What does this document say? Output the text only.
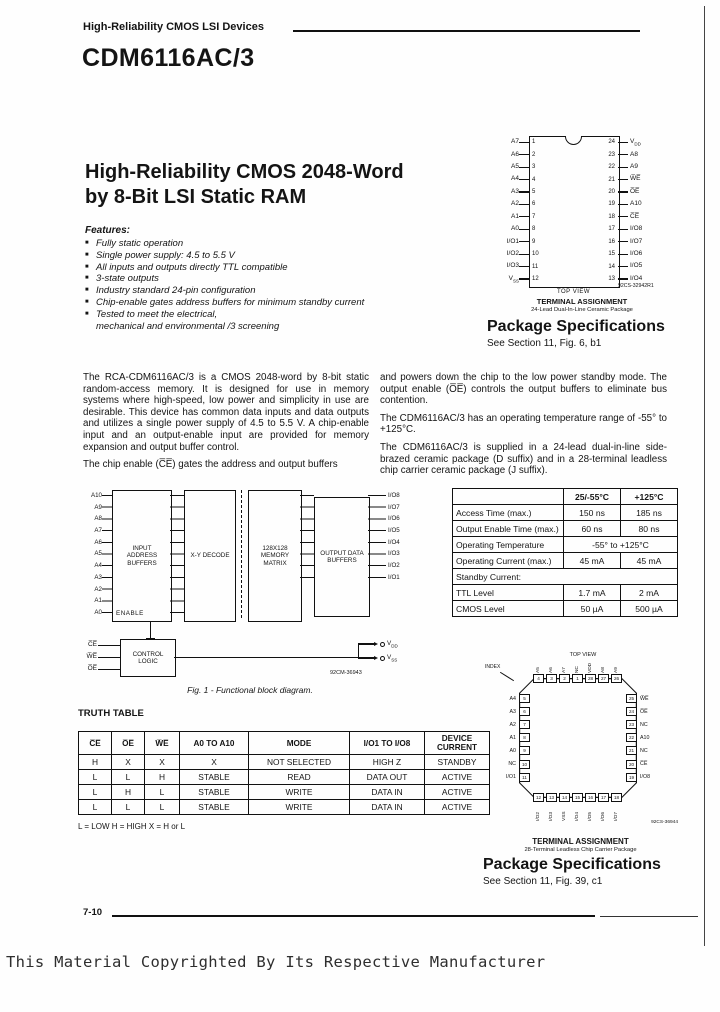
High-Reliability CMOS LSI Devices
CDM6116AC/3
High-Reliability CMOS 2048-Word
by 8-Bit LSI Static RAM
Features:
■ Fully static operation
■ Single power supply: 4.5 to 5.5 V
■ All inputs and outputs directly TTL compatible
■ 3-state outputs
■ Industry standard 24-pin configuration
■ Chip-enable gates address buffers for minimum standby current
■ Tested to meet the electrical,
mechanical and environmental /3 screening

The RCA-CDM6116AC/3 is a CMOS 2048-word by 8-bit static random-access memory. It is designed for use in memory systems where high-speed, low power and simplicity in use are desirable. This device has common data inputs and data outputs and utilizes a single power supply of 4.5 to 5.5 V. A chip-enable input and an output-enable input are provided for memory expansion and output buffer control.

The chip enable (C̅E̅) gates the address and output buffers

and powers down the chip to the low power standby mode. The output enable (O̅E̅) controls the output buffers to eliminate bus contention.

The CDM6116AC/3 has an operating temperature range of -55° to +125°C.

The CDM6116AC/3 is supplied in a 24-lead dual-in-line side-brazed ceramic package (D suffix) and in a 28-terminal leadless chip carrier ceramic package (J suffix).

A7	1
A6	2
A5	3
A4	4
A3	5
A2	6
A1	7
A0	8
I/O1	9
I/O2	10
I/O3	11
$V_{SS}$	12
24	$V_{DD}$
23	A8
22	A9
21	W̅E̅
20	O̅E̅
19	A10
18	C̅E̅
17	I/O8
16	I/O7
15	I/O6
14	I/O5
13	I/O4
TOP VIEW
92CS-32942R1
TERMINAL ASSIGNMENT
24-Lead Dual-In-Line Ceramic Package
Package Specifications
See Section 11, Fig. 6, b1
A10
A9
A8
A7
A6
A5
A4
A3
A2
A1
A0
INPUT ADDRESS BUFFERS
ENABLE
X-Y DECODE
128X128 MEMORY MATRIX
OUTPUT DATA BUFFERS
I/O8
I/O7
I/O6
I/O5
I/O4
I/O3
I/O2
I/O1
C̅E̅
W̅E̅
O̅E̅
CONTROL LOGIC
$V_{DD}$
$V_{SS}$
92CM-36943
Fig. 1 - Functional block diagram.
	25/-55°C	+125°C
Access Time (max.)	150 ns	185 ns
Output Enable Time (max.)	60 ns	80 ns
Operating Temperature	-55° to +125°C	
Operating Current (max.)	45 mA	45 mA
Standby Current:		
TTL Level	1.7 mA	2 mA
CMOS Level	50 µA	500 µA
TRUTH TABLE
C̅E̅	O̅E̅	W̅E̅	A0 TO A10	MODE	I/O1 TO I/O8	DEVICE CURRENT
H	X	X	X	NOT SELECTED	HIGH Z	STANDBY
L	L	H	STABLE	READ	DATA OUT	ACTIVE
L	H	L	STABLE	WRITE	DATA IN	ACTIVE
L	L	L	STABLE	WRITE	DATA IN	ACTIVE
L = LOW H = HIGH X = H or L
TOP VIEW
INDEX
A5
4
A6
3
A7
2
NC
1
VDD
28
A8
27
A9
26
12
I/O2
13
I/O3
14
VSS
15
I/O4
16
I/O5
17
I/O6
18
I/O7
A4	5
A3	6
A2	7
A1	8
A0	9
NC	10
I/O1	11
25	W̅E̅
24	O̅E̅
23	NC
22	A10
21	NC
20	C̅E̅
19	I/O8
92CS-36944
TERMINAL ASSIGNMENT
28-Terminal Leadless Chip Carrier Package
Package Specifications
See Section 11, Fig. 39, c1
7-10
This Material Copyrighted By Its Respective Manufacturer
